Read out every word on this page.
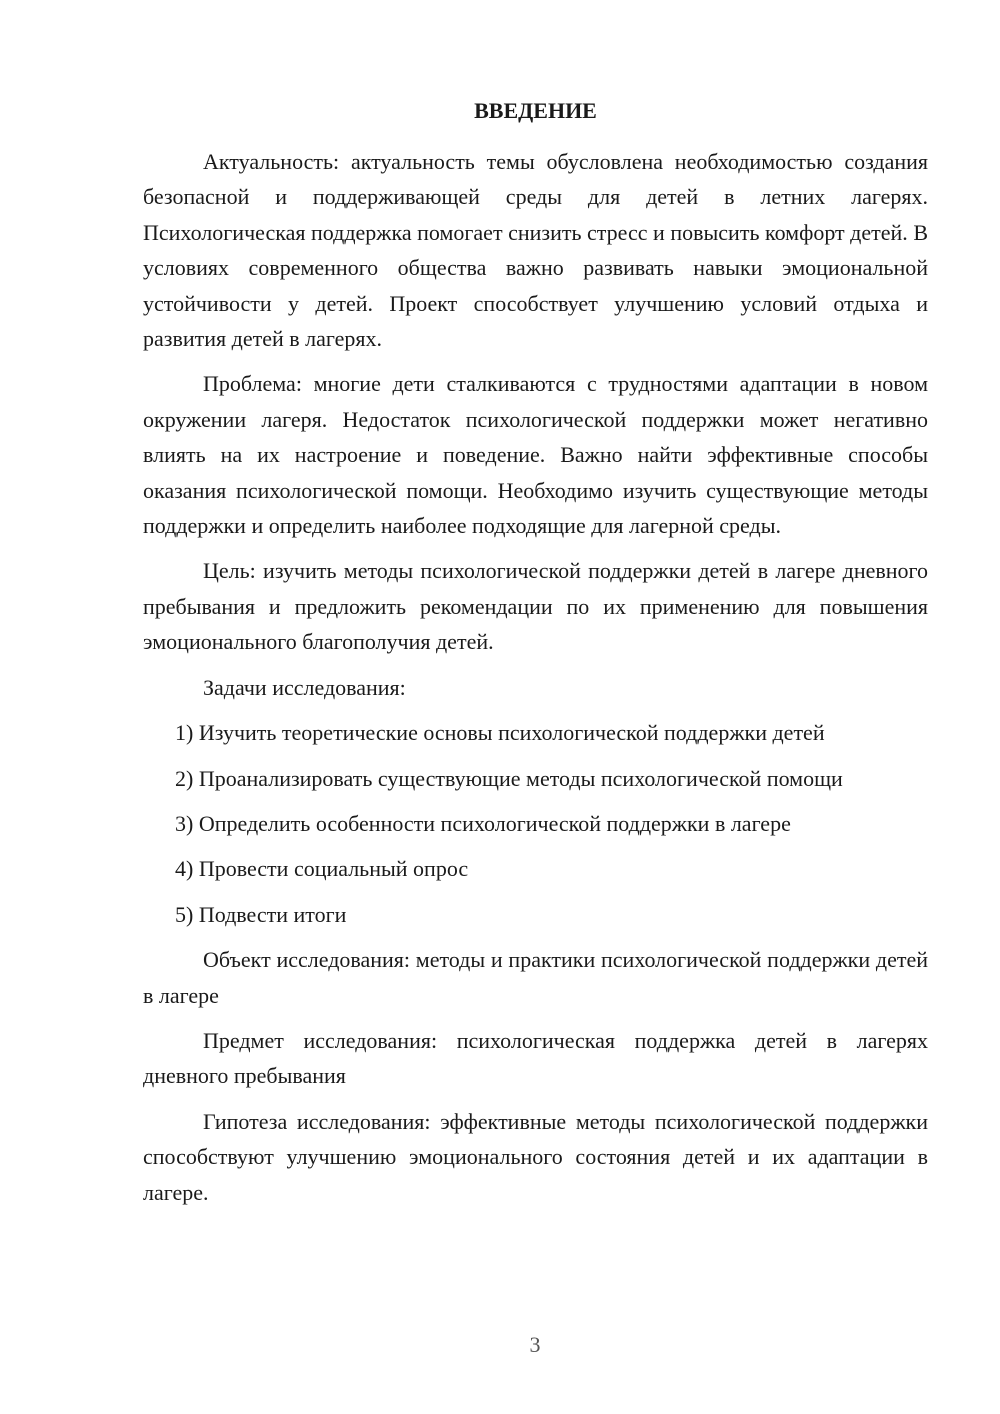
ВВЕДЕНИЕ

Актуальность: актуальность темы обусловлена необходимостью создания безопасной и поддерживающей среды для детей в летних лагерях. Психологическая поддержка помогает снизить стресс и повысить комфорт детей. В условиях современного общества важно развивать навыки эмоциональной устойчивости у детей. Проект способствует улучшению условий отдыха и развития детей в лагерях.

Проблема: многие дети сталкиваются с трудностями адаптации в новом окружении лагеря. Недостаток психологической поддержки может негативно влиять на их настроение и поведение. Важно найти эффективные способы оказания психологической помощи. Необходимо изучить существующие методы поддержки и определить наиболее подходящие для лагерной среды.

Цель: изучить методы психологической поддержки детей в лагере дневного пребывания и предложить рекомендации по их применению для повышения эмоционального благополучия детей.

Задачи исследования:

1) Изучить теоретические основы психологической поддержки детей

2) Проанализировать существующие методы психологической помощи

3) Определить особенности психологической поддержки в лагере

4) Провести социальный опрос

5) Подвести итоги

Объект исследования: методы и практики психологической поддержки детей в лагере

Предмет исследования: психологическая поддержка детей в лагерях дневного пребывания

Гипотеза исследования: эффективные методы психологической поддержки способствуют улучшению эмоционального состояния детей и их адаптации в лагере.

3
